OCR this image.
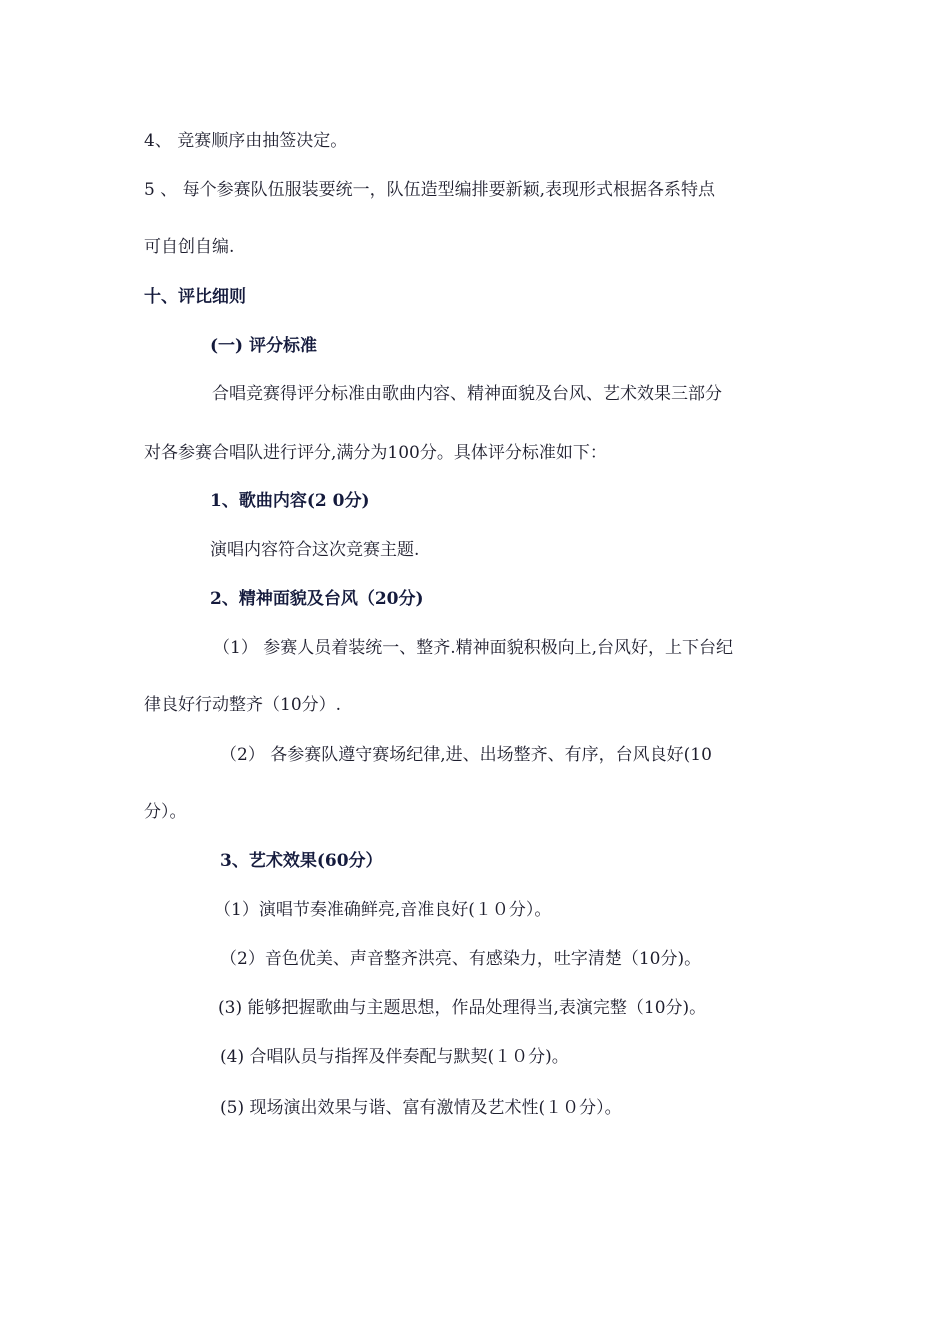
4、 竞赛顺序由抽签决定。
5 、 每个参赛队伍服装要统一，队伍造型编排要新颖,表现形式根据各系特点
可自创自编.
十、评比细则
(一) 评分标准
合唱竞赛得评分标准由歌曲内容、精神面貌及台风、艺术效果三部分
对各参赛合唱队进行评分,满分为100分。具体评分标准如下：
1、歌曲内容(2 0分)
演唱内容符合这次竞赛主题.
2、精神面貌及台风（20分)
（1） 参赛人员着装统一、整齐.精神面貌积极向上,台风好，上下台纪
律良好行动整齐（10分）.
（2） 各参赛队遵守赛场纪律,进、出场整齐、有序，台风良好(10
分）。
3、艺术效果(60分）
（1）演唱节奏准确鲜亮,音准良好(１０分）。
（2）音色优美、声音整齐洪亮、有感染力，吐字清楚（10分)。
(3) 能够把握歌曲与主题思想，作品处理得当,表演完整（10分)。
(4) 合唱队员与指挥及伴奏配与默契(１０分)。
(5) 现场演出效果与谐、富有激情及艺术性(１０分）。
